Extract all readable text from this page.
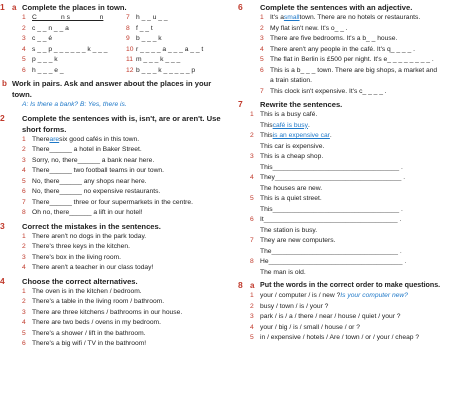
1 a Complete the places in town.
1 C _ _ _ _ n s _ _ _ _ _ n	7 h _ _ u _ _
2 c _ _ n _ _ a	8 f _ _ t
3 c _ _ é	9 b _ _ _ k
4 s _ _ p _ _ _ _ _ _ k _ _ _	10 r _ _ _ _ a _ _ _ a _ _ t
5 p _ _ _ k	11 m _ _ _ k _ _ _
6 h _ _ _ e _	12 b _ _ _ k _ _ _ _ _ p
b Work in pairs. Ask and answer about the places in your town.
A: Is there a bank? B: Yes, there is.
2	Complete the sentences with is, isn't, are or aren't. Use short forms.
1 There are six good cafés in this town.
2 There ______ a hotel in Baker Street.
3 Sorry, no, there ______ a bank near here.
4 There ______ two football teams in our town.
5 No, there ______ any shops near here.
6 No, there ______ no expensive restaurants.
7 There ______ three or four supermarkets in the centre.
8 Oh no, there ______ a lift in our hotel!
3	Correct the mistakes in the sentences.
1 There aren't no dogs in the park today.
2 There's three keys in the kitchen.
3 There's box in the living room.
4 There aren't a teacher in our class today!
4	Choose the correct alternatives.
1 The oven is in the kitchen / bedroom.
2 There's a table in the living room / bathroom.
3 There are three kitchens / bathrooms in our house.
4 There are two beds / ovens in my bedroom.
5 There's a shower / lift in the bathroom.
6 There's a big wifi / TV in the bathroom!
6	Complete the sentences with an adjective.
1 It's a small town. There are no hotels or restaurants.
2 My flat isn't new. It's o_ _ .
3 There are five bedrooms. It's a b_ _ house.
4 There aren't any people in the café. It's q_ _ _ _ .
5 The flat in Berlin is £500 per night. It's e_ _ _ _ _ _ _ _ .
6 This is a b_ _ _ town. There are big shops, a market and
a train station.
7 This clock isn't expensive. It's c_ _ _ _ .
7	Rewrite the sentences.
1 This is a busy café.
This café is busy .
2 This is an expensive car .
This car is expensive.
3 This is a cheap shop.
This __________________________________ .
4 They __________________________________ .
The houses are new.
5 This is a quiet street.
This __________________________________ .
6 It ____________________________________ .
The station is busy.
7 They are new computers.
The __________________________________ .
8 He ____________________________________ .
The man is old.
8 a Put the words in the correct order to make questions.
1 your / computer / is / new ? Is your computer new?
2 busy / town / is / your ?
3 park / is / a / there / near / house / quiet / your ?
4 your / big / is / small / house / or ?
5 in / expensive / hotels / Are / town / or / your / cheap ?
